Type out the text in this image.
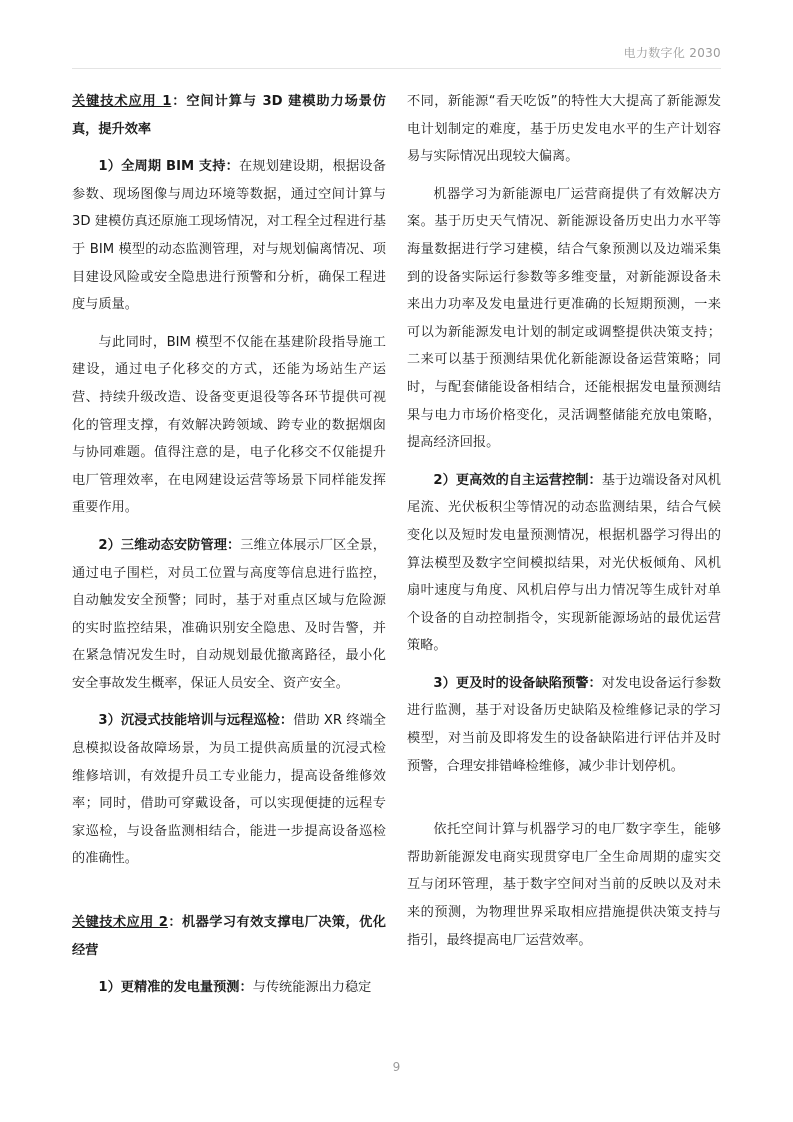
电力数字化 2030

关键技术应用 1：空间计算与 3D 建模助力场景仿真，提升效率

1）全周期 BIM 支持：在规划建设期，根据设备参数、现场图像与周边环境等数据，通过空间计算与 3D 建模仿真还原施工现场情况，对工程全过程进行基于 BIM 模型的动态监测管理，对与规划偏离情况、项目建设风险或安全隐患进行预警和分析，确保工程进度与质量。

与此同时，BIM 模型不仅能在基建阶段指导施工建设，通过电子化移交的方式，还能为场站生产运营、持续升级改造、设备变更退役等各环节提供可视化的管理支撑，有效解决跨领域、跨专业的数据烟囱与协同难题。值得注意的是，电子化移交不仅能提升电厂管理效率，在电网建设运营等场景下同样能发挥重要作用。

2）三维动态安防管理：三维立体展示厂区全景，通过电子围栏，对员工位置与高度等信息进行监控，自动触发安全预警；同时，基于对重点区域与危险源的实时监控结果，准确识别安全隐患、及时告警，并在紧急情况发生时，自动规划最优撤离路径，最小化安全事故发生概率，保证人员安全、资产安全。

3）沉浸式技能培训与远程巡检：借助 XR 终端全息模拟设备故障场景，为员工提供高质量的沉浸式检维修培训，有效提升员工专业能力，提高设备维修效率；同时，借助可穿戴设备，可以实现便捷的远程专家巡检，与设备监测相结合，能进一步提高设备巡检的准确性。

关键技术应用 2：机器学习有效支撑电厂决策，优化经营

1）更精准的发电量预测：与传统能源出力稳定

不同，新能源“看天吃饭”的特性大大提高了新能源发电计划制定的难度，基于历史发电水平的生产计划容易与实际情况出现较大偏离。

机器学习为新能源电厂运营商提供了有效解决方案。基于历史天气情况、新能源设备历史出力水平等海量数据进行学习建模，结合气象预测以及边端采集到的设备实际运行参数等多维变量，对新能源设备未来出力功率及发电量进行更准确的长短期预测，一来可以为新能源发电计划的制定或调整提供决策支持；二来可以基于预测结果优化新能源设备运营策略；同时，与配套储能设备相结合，还能根据发电量预测结果与电力市场价格变化，灵活调整储能充放电策略，提高经济回报。

2）更高效的自主运营控制：基于边端设备对风机尾流、光伏板积尘等情况的动态监测结果，结合气候变化以及短时发电量预测情况，根据机器学习得出的算法模型及数字空间模拟结果，对光伏板倾角、风机扇叶速度与角度、风机启停与出力情况等生成针对单个设备的自动控制指令，实现新能源场站的最优运营策略。

3）更及时的设备缺陷预警：对发电设备运行参数进行监测，基于对设备历史缺陷及检维修记录的学习模型，对当前及即将发生的设备缺陷进行评估并及时预警，合理安排错峰检维修，减少非计划停机。

依托空间计算与机器学习的电厂数字孪生，能够帮助新能源发电商实现贯穿电厂全生命周期的虚实交互与闭环管理，基于数字空间对当前的反映以及对未来的预测，为物理世界采取相应措施提供决策支持与指引，最终提高电厂运营效率。

9
